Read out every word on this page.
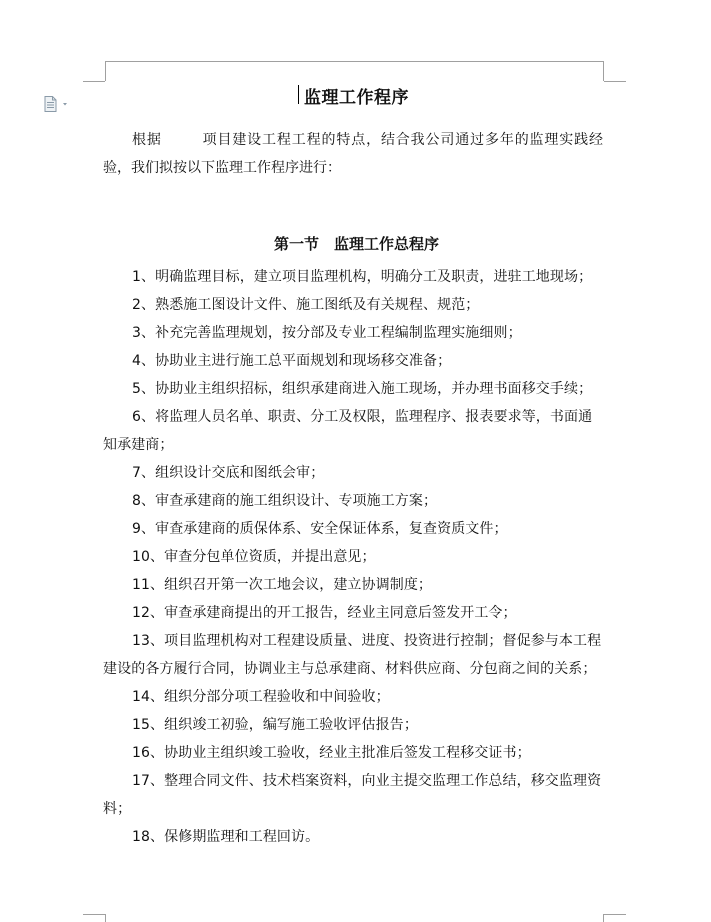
监理工作程序

根据	项目建设工程工程的特点，结合我公司通过多年的监理实践经验，我们拟按以下监理工作程序进行：

第一节　监理工作总程序
1、明确监理目标，建立项目监理机构，明确分工及职责，进驻工地现场；
2、熟悉施工图设计文件、施工图纸及有关规程、规范；
3、补充完善监理规划，按分部及专业工程编制监理实施细则；
4、协助业主进行施工总平面规划和现场移交准备；
5、协助业主组织招标，组织承建商进入施工现场，并办理书面移交手续；
6、将监理人员名单、职责、分工及权限，监理程序、报表要求等，书面通知承建商；
7、组织设计交底和图纸会审；
8、审查承建商的施工组织设计、专项施工方案；
9、审查承建商的质保体系、安全保证体系，复查资质文件；
10、审查分包单位资质，并提出意见；
11、组织召开第一次工地会议，建立协调制度；
12、审查承建商提出的开工报告，经业主同意后签发开工令；
13、项目监理机构对工程建设质量、进度、投资进行控制；督促参与本工程建设的各方履行合同，协调业主与总承建商、材料供应商、分包商之间的关系；
14、组织分部分项工程验收和中间验收；
15、组织竣工初验，编写施工验收评估报告；
16、协助业主组织竣工验收，经业主批准后签发工程移交证书；
17、整理合同文件、技术档案资料，向业主提交监理工作总结，移交监理资料；
18、保修期监理和工程回访。
